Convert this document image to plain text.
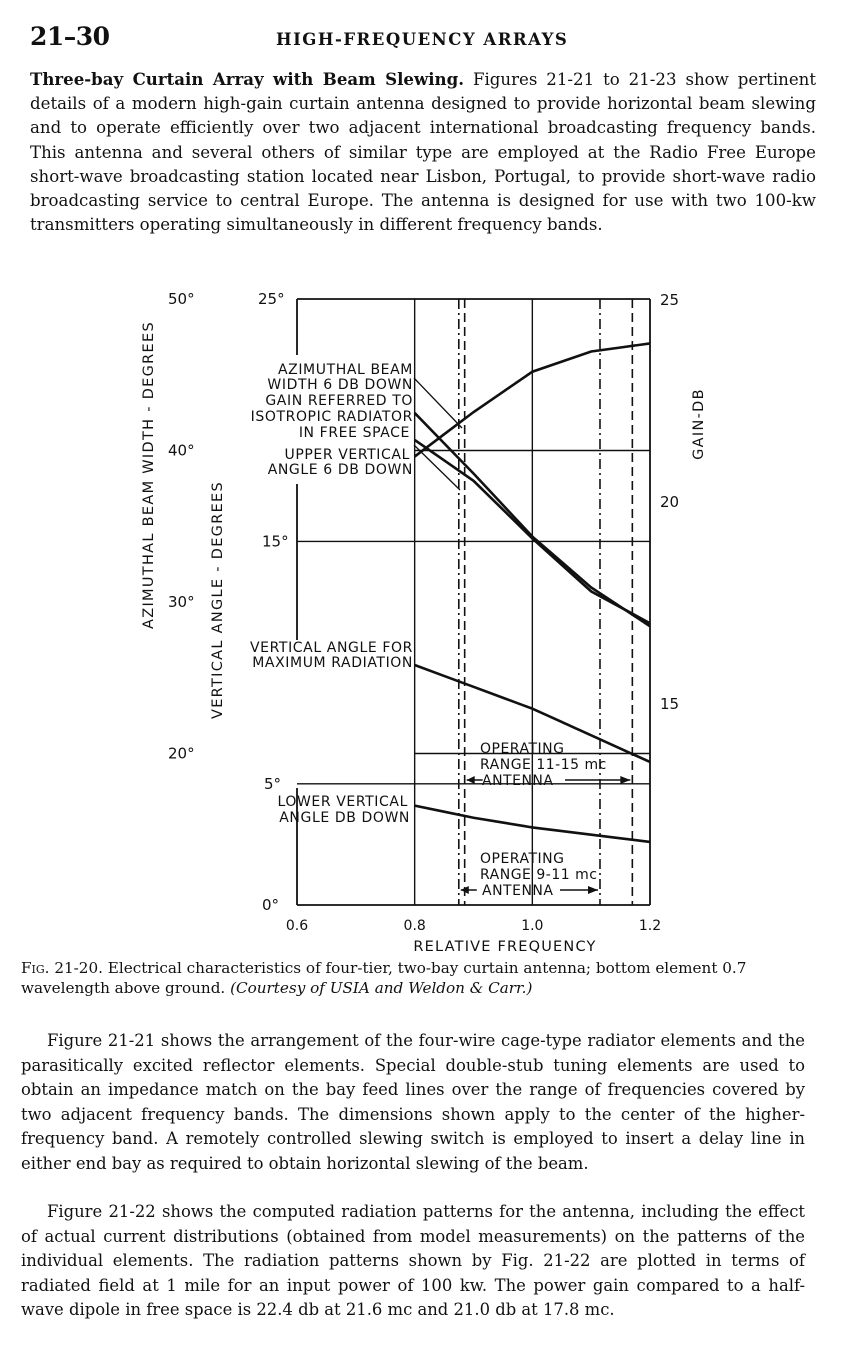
21–30	HIGH-FREQUENCY ARRAYS

Three-bay Curtain Array with Beam Slewing. Figures 21-21 to 21-23 show pertinent details of a modern high-gain curtain antenna designed to provide horizontal beam slewing and to operate efficiently over two adjacent international broadcasting frequency bands. This antenna and several others of similar type are employed at the Radio Free Europe short-wave broadcasting station located near Lisbon, Portugal, to provide short-wave radio broadcasting service to central Europe. The antenna is designed for use with two 100-kw transmitters operating simultaneously in different frequency bands.

AZIMUTHAL BEAM
WIDTH 6 DB DOWN
GAIN REFERRED TO
ISOTROPIC RADIATOR
IN FREE SPACE
UPPER VERTICAL
ANGLE 6 DB DOWN
VERTICAL ANGLE FOR
MAXIMUM RADIATION
LOWER VERTICAL
ANGLE DB DOWN
OPERATING
RANGE 11-15 mc
ANTENNA
OPERATING
RANGE 9-11 mc
ANTENNA
0.6	0.8	1.0	1.2
RELATIVE FREQUENCY
50°
40°
30°
20°
25°
15°
5°
0°
25
20
15
AZIMUTHAL BEAM WIDTH - DEGREES	VERTICAL ANGLE - DEGREES
GAIN-DB

Fig. 21-20. Electrical characteristics of four-tier, two-bay curtain antenna; bottom element 0.7 wavelength above ground. (Courtesy of USIA and Weldon & Carr.)

Figure 21-21 shows the arrangement of the four-wire cage-type radiator elements and the parasitically excited reflector elements. Special double-stub tuning elements are used to obtain an impedance match on the bay feed lines over the range of frequencies covered by two adjacent frequency bands. The dimensions shown apply to the center of the higher-frequency band. A remotely controlled slewing switch is employed to insert a delay line in either end bay as required to obtain horizontal slewing of the beam.

Figure 21-22 shows the computed radiation patterns for the antenna, including the effect of actual current distributions (obtained from model measurements) on the patterns of the individual elements. The radiation patterns shown by Fig. 21-22 are plotted in terms of radiated field at 1 mile for an input power of 100 kw. The power gain compared to a half-wave dipole in free space is 22.4 db at 21.6 mc and 21.0 db at 17.8 mc.
